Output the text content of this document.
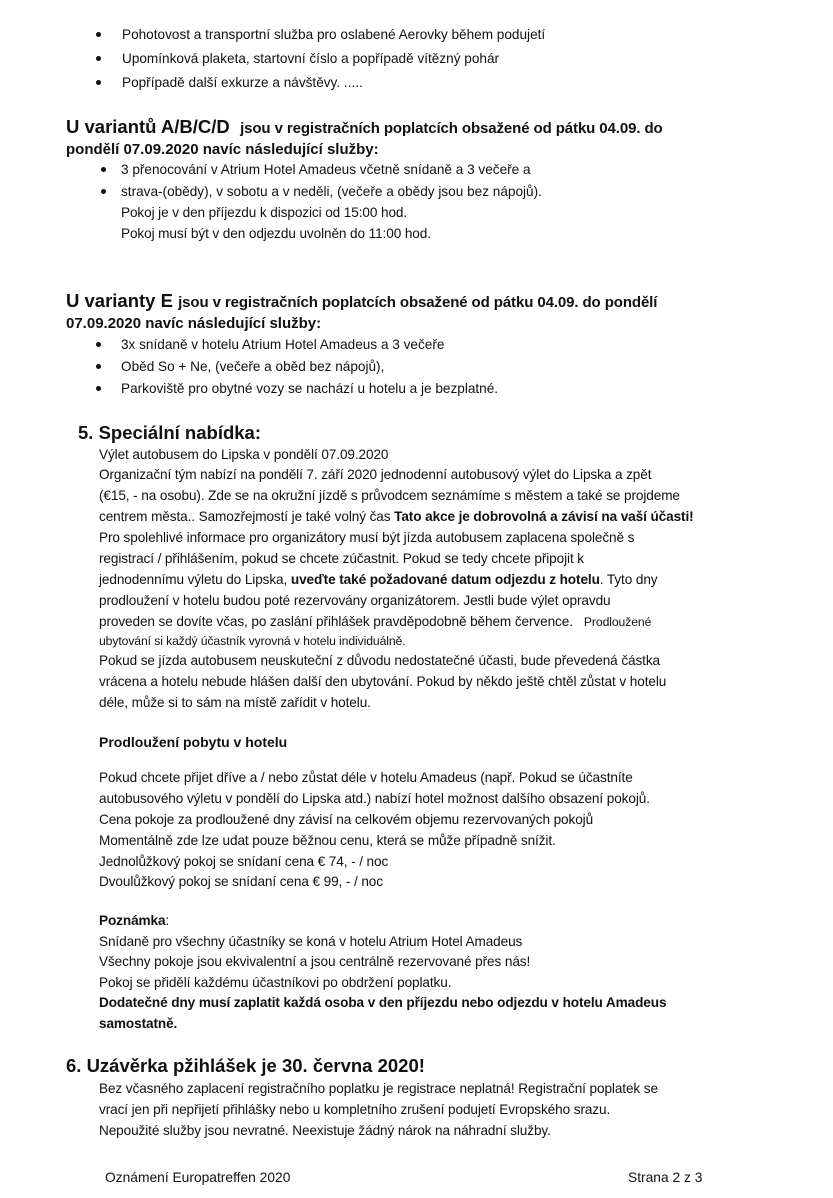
Pohotovost a transportní služba pro oslabené Aerovky během podujetí
Upomínková plaketa, startovní číslo a popřípadě vítězný pohár
Popřípadě další exkurze a návštěvy. .....
U variantů A/B/C/D jsou v registračních poplatcích obsažené od pátku 04.09. do
pondělí 07.09.2020 navíc následující služby:
3 přenocování v Atrium Hotel Amadeus včetně snídaně a 3 večeře a
strava-(obědy), v sobotu a v neděli, (večeře a obědy jsou bez nápojů).
Pokoj je v den příjezdu k dispozici od 15:00 hod.
Pokoj musí být v den odjezdu uvolněn do 11:00 hod.
U varianty E jsou v registračních poplatcích obsažené od pátku 04.09. do pondělí
07.09.2020 navíc následující služby:
3x snídaně v hotelu Atrium Hotel Amadeus a 3 večeře
Oběd So + Ne, (večeře a oběd bez nápojů),
Parkoviště pro obytné vozy se nachází u hotelu a je bezplatné.
5. Speciální nabídka:
Výlet autobusem do Lipska v pondělí 07.09.2020
Organizační tým nabízí na pondělí 7. září 2020 jednodenní autobusový výlet do Lipska a zpět
(€15, - na osobu). Zde se na okružní jízdě s průvodcem seznámíme s městem a také se projdeme
centrem města.. Samozřejmostí je také volný čas Tato akce je dobrovolná a závisí na vaší účasti!
Pro spolehlivé informace pro organizátory musí být jízda autobusem zaplacena společně s
registrací / přihlášením, pokud se chcete zúčastnit. Pokud se tedy chcete připojit k
jednodennímu výletu do Lipska, uveďte také požadované datum odjezdu z hotelu. Tyto dny
prodloužení v hotelu budou poté rezervovány organizátorem. Jestli bude výlet opravdu
proveden se dovíte včas, po zaslání přihlášek pravděpodobně během července.   Prodloužené
ubytování si každý účastník vyrovná v hotelu individuálně.
Pokud se jízda autobusem neuskuteční z důvodu nedostatečné účasti, bude převedená částka
vrácena a hotelu nebude hlášen další den ubytování. Pokud by někdo ještě chtěl zůstat v hotelu
déle, může si to sám na místě zařídit v hotelu.
Prodloužení pobytu v hotelu
Pokud chcete přijet dříve a / nebo zůstat déle v hotelu Amadeus (např. Pokud se účastníte
autobusového výletu v pondělí do Lipska atd.) nabízí hotel možnost dalšího obsazení pokojů.
Cena pokoje za prodloužené dny závisí na celkovém objemu rezervovaných pokojů
Momentálně zde lze udat pouze běžnou cenu, která se může případně snížit.
Jednolůžkový pokoj se snídaní cena € 74, - / noc
Dvoulůžkový pokoj se snídaní cena € 99, - / noc
Poznámka:
Snídaně pro všechny účastníky se koná v hotelu Atrium Hotel Amadeus
Všechny pokoje jsou ekvivalentní a jsou centrálně rezervované přes nás!
Pokoj se přidělí každému účastníkovi po obdržení poplatku.
Dodatečné dny musí zaplatit každá osoba v den příjezdu nebo odjezdu v hotelu Amadeus
samostatně.
6. Uzávěrka pžihlášek je 30. června 2020!
Bez včasného zaplacení registračního poplatku je registrace neplatná! Registrační poplatek se
vrací jen při nepřijetí přihlášky nebo u kompletního zrušení podujetí Evropského srazu.
Nepoužité služby jsou nevratné. Neexistuje žádný nárok na náhradní služby.
Oznámení Europatreffen 2020	Strana 2 z 3
